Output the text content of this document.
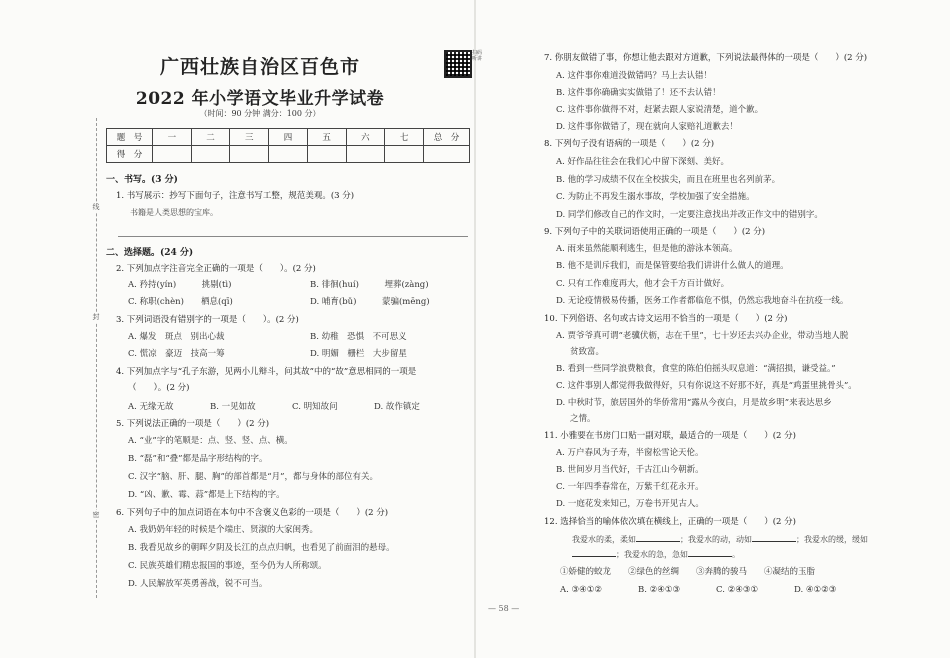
线
封
密
广西壮族自治区百色市
2022 年小学语文毕业升学试卷
（时间：90 分钟 满分：100 分）
扫码听讲
题　号	一	二	三	四	五	六	七	总　分
得　分								
一、书写。(3 分)
1. 书写展示：抄写下面句子，注意书写工整，规范美观。(3 分)
书籍是人类思想的宝库。
二、选择题。(24 分)
2. 下列加点字注音完全正确的一项是（　　）。(2 分)
A. 矜持(yín)　　　挑剔(tì)	B. 徘徊(huí)　　　埋葬(zàng)
C. 称职(chèn)　　栖息(qī)	D. 哺育(bǔ)　　　蒙骗(mēng)
3. 下列词语没有错别字的一项是（　　）。(2 分)
A. 爆发　斑点　别出心裁	B. 幼稚　恐惧　不可思义
C. 慌凉　豪迈　技高一筹	D. 明媚　栅栏　大步留星
4. 下列加点字与“孔子东游，见两小儿辩斗，问其故”中的“故”意思相同的一项是
（　　）。(2 分)
A. 无缘无故	B. 一见如故	C. 明知故问	D. 故作镇定
5. 下列说法正确的一项是（　　）(2 分)
A. “业”字的笔顺是：点、竖、竖、点、横。
B. “磊”和“叠”都是品字形结构的字。
C. 汉字“脑、肝、腿、胸”的部首都是“月”，都与身体的部位有关。
D. “凶、歉、霉、蒜”都是上下结构的字。
6. 下列句子中的加点词语在本句中不含褒义色彩的一项是（　　）(2 分)
A. 我奶奶年轻的时候是个端庄、贤淑的大家闺秀。
B. 我看见故乡的朝晖夕阴及长江的点点归帆，也看见了前面泪的悬母。
C. 民族英雄们精忠报国的事迹，至今仍为人所称颂。
D. 人民解放军英勇善战，锐不可当。
7. 你朋友做错了事，你想让他去跟对方道歉，下列说法最得体的一项是（　　）(2 分)
A. 这件事你难道没做错吗？马上去认错！
B. 这件事你确确实实做错了！还不去认错！
C. 这件事你做得不对，赶紧去跟人家说清楚，道个歉。
D. 这件事你做错了，现在就向人家赔礼道歉去！
8. 下列句子没有语病的一项是（　　）(2 分)
A. 好作品往往会在我们心中留下深刻、美好。
B. 他的学习成绩不仅在全校拔尖，而且在班里也名列前茅。
C. 为防止不再发生溺水事故，学校加强了安全措施。
D. 同学们修改自己的作文时，一定要注意找出并改正作文中的错别字。
9. 下列句子中的关联词语使用正确的一项是（　　）(2 分)
A. 雨来虽然能顺利逃生，但是他的游泳本领高。
B. 他不是训斥我们，而是保管要给我们讲讲什么做人的道理。
C. 只有工作难度再大，他才会千方百计做好。
D. 无论疫情极易传播，医务工作者都临危不惧，仍然忘我地奋斗在抗疫一线。
10. 下列俗语、名句或古诗文运用不恰当的一项是（　　）(2 分)
A. 贾爷爷真可谓“老骥伏枥，志在千里”，七十岁还去兴办企业，带动当地人脱
贫致富。
B. 看到一些同学浪费粮食，食堂的陈伯伯摇头叹息道：“满招损，谦受益。”
C. 这件事别人都觉得我做得好，只有你说这不好那不好，真是“鸡蛋里挑骨头”。
D. 中秋时节，旅居国外的华侨常用“露从今夜白，月是故乡明”来表达思乡
之情。
11. 小雅要在书房门口贴一副对联，最适合的一项是（　　）(2 分)
A. 万户春风为子寿，半窗松雪论天伦。
B. 世间岁月当代好，千古江山今朝新。
C. 一年四季春常在，万紫千红花永开。
D. 一庭花发来知己，万卷书开见古人。
12. 选择恰当的喻体依次填在横线上，正确的一项是（　　）(2 分)
我爱水的柔，柔如	；我爱水的动，动如	；我爱水的缓，缓如
；我爱水的急，急如	。
①娇健的蛟龙　　②绿色的丝绸　　③奔腾的骏马　　④凝结的玉脂
A. ③④①②	B. ②④①③	C. ②④③①	D. ④①②③
— 58 —
